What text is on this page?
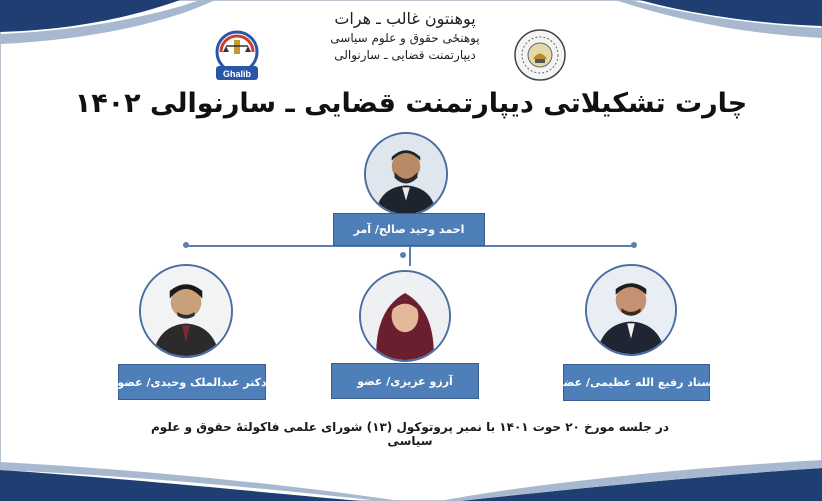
Ghalib
پوهنتون غالب ـ هرات
پوهنځی حقوق و علوم سیاسی
دیپارتمنت قضایی ـ سارنوالی
چارت تشکیلاتی دیپارتمنت قضایی ـ سارنوالی ۱۴۰۲
احمد وحید صالح/ آمر
استاد رفیع الله عظیمی/ عضو
آرزو عزیزی/ عضو
دکتر عبدالملک وحیدی/ عضو
در جلسه مورخ ۲۰ حوت ۱۴۰۱ با نمبر پروتوکول (۱۳) شورای علمی فاکولتهٔ حقوق و علوم سیاسی
